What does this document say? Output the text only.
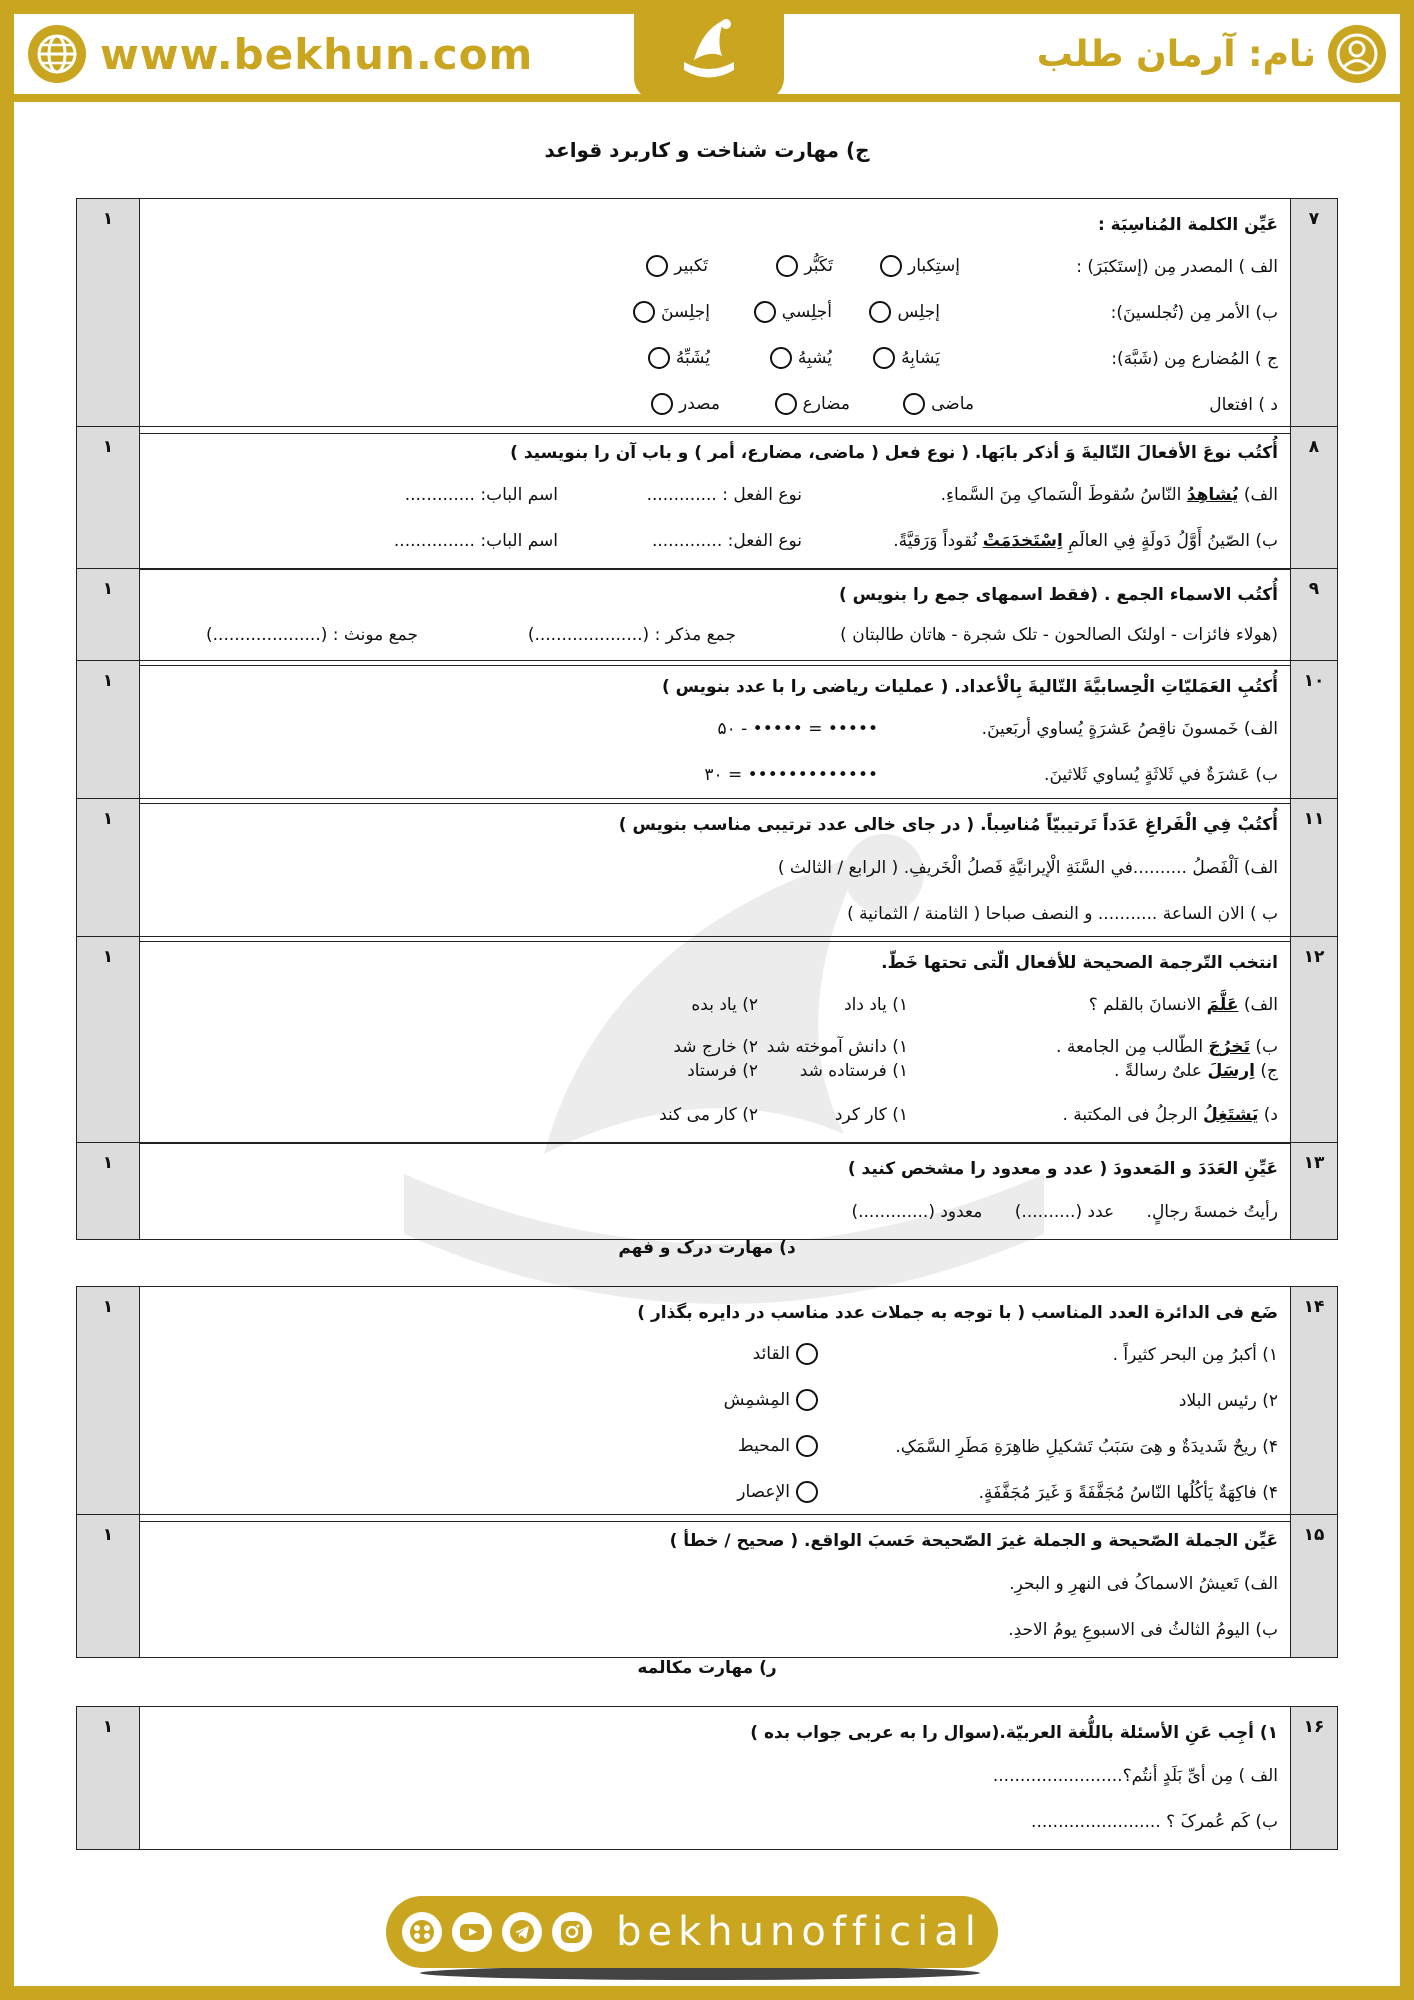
www.bekhun.com	نام: آرمان طلب
ج) مهارت شناخت و کاربرد قواعد
۷	
عَیِّن الکلمة المُناسِبَة :
الف ) المصدر مِن (إستَکبَرَ) :
إستِکبار
تَکَبُّر
تَکبیر
ب) الأمر مِن (تُجلسینَ):
إجلِس
أجلِسي
إجلِسنَ
ج ) المُضارع مِن (شَبَّهَ):
یَشابِهُ
یُشبِهُ
یُشَبِّهُ
د ) افتعال
ماضی
مضارع
مصدر
	۱
۸	
أُکتُب نوعَ الأفعالَ التّالیةَ وَ أذکر بابَها. ( نوع فعل ( ماضی، مضارع، أمر ) و باب آن را بنویسید )
الف) یُشاهِدُ النّاسُ سُقوطَ الْسَماکِ مِنَ السَّماءِ.
نوع الفعل : .............
اسم الباب: .............
ب) الصّینُ أَوَّلُ دَولَةٍ فِي العالَمِ اِسْتَخدَمَتْ نُقوداً وَرَقیَّةً.
نوع الفعل: .............
اسم الباب: ...............
	۱
۹	
أُکتُب الاسماء الجمع . (فقط اسمهای جمع را بنویس )
(هولاء فائزات - اولئک الصالحون - تلک شجرة - هاتان طالبتان )
جمع مذکر : (....................)
جمع مونث : (....................)
	۱
۱۰	
أُکتُبِ العَمَلیّاتِ الْحِسابیَّةَ التّالیةَ بِالْأعداد. ( عملیات ریاضی را با عدد بنویس )
الف) خَمسونَ ناقِصُ عَشرَةٍ یُساوي أربَعینَ.
۵۰ - ••••• = •••••
ب) عَشرَةٌ في ثَلاثَةٍ یُساوي ثَلاثینَ.
۳۰ = •••••••••••••
	۱
۱۱	
أُکتُبْ فِي الْفَراغِ عَدَداً تَرتیبیّاً مُناسِباً. ( در جای خالی عدد ترتیبی مناسب بنویس )
الف) اَلْفَصلُ ..........في السَّنَةِ الْإیرانیَّةِ فَصلُ الْخَریفِ. ( الرابع / الثالث )
ب ) الان الساعة ........... و النصف صباحا ( الثامنة / الثمانیة )
	۱
۱۲	
انتخب التّرجمة الصحیحة للأفعال الّتی تحتها خَطّ.
الف) عَلَّمَ الانسانَ بالقلم ؟
۱) یاد داد
۲) یاد بده
ب) تَخرُجَ الطّالب مِن الجامعة .
۱) دانش آموخته شد
۲) خارج شد
ج) اِرسَلَ علیٌ رسالةً .
۱) فرستاده شد
۲) فرستاد
د) یَشتَغِلُ الرجلُ فی المکتبة .
۱) کار کرد
۲) کار می کند
	۱
۱۳	
عَیِّنِ العَدَدَ و المَعدودَ ( عدد و معدود را مشخص کنید )
رأیتُ خمسةَ رجالٍ.      عدد (..........)      معدود (.............)
	۱
د) مهارت درک و فهم
۱۴	
ضَع فی الدائرة العدد المناسب ( با توجه به جملات عدد مناسب در دایره بگذار )
۱) أکبرُ مِن البحر کثیراً .
القائد
۲) رئیس البلاد
المِشمِش
۴) ریحٌ شَدیدَةٌ و هِیَ سَبَبُ تَشکیلِ ظاهِرَةِ مَطَرِ السَّمَکِ.
المحیط
۴) فاکِهَةٌ یَأکُلُها النّاسُ مُجَفَّفَةً وَ غَیرَ مُجَفَّفَةٍ.
الإعصار
	۱
۱۵	
عَیِّن الجملة الصّحیحة و الجملة غیرَ الصّحیحة حَسبَ الواقع. ( صحیح / خطأ )
الف) تَعیشُ الاسماکُ فی النهرِ و البحرِ.
ب) الیومُ الثالثُ فی الاسبوعِ یومُ الاحدِ.
	۱
ر) مهارت مکالمه
۱۶	
۱) أجِب عَنِ الأسئلة باللُّغة العربیّة.(سوال را به عربی جواب بده )
الف ) مِن أیِّ بَلَدٍ أنتُم؟........................
ب) کَم عُمرکَ ؟ ........................
	۱
bekhunofficial
